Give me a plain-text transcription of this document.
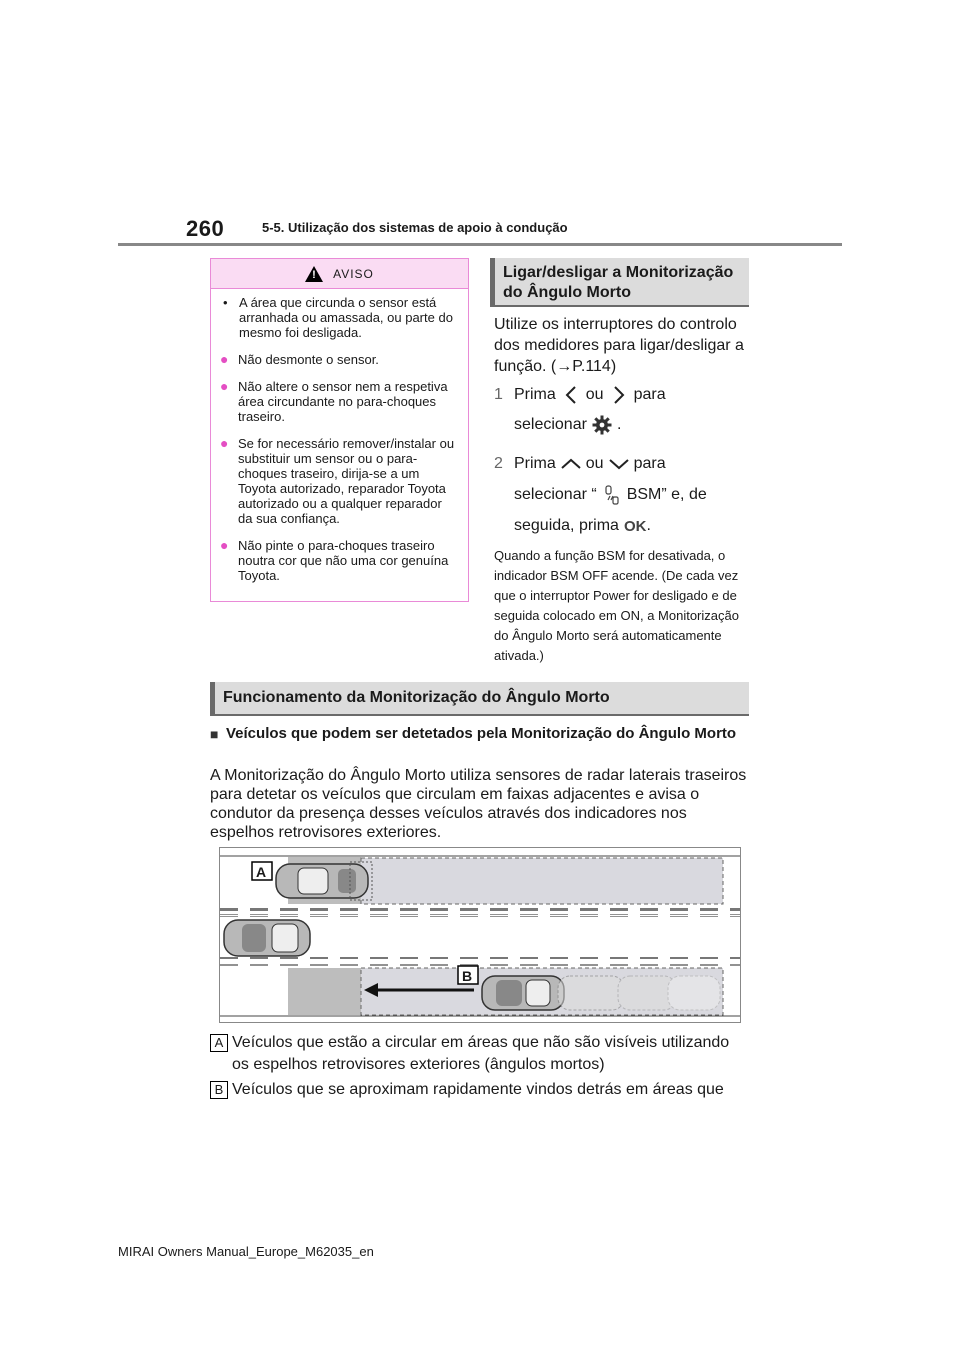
260	5-5. Utilização dos sistemas de apoio à condução
!
AVISO
• A área que circunda o sensor está arranhada ou amassada, ou parte do mesmo foi desligada.
● Não desmonte o sensor.
● Não altere o sensor nem a respetiva área circundante no para-choques traseiro.
● Se for necessário remover/instalar ou substituir um sensor ou o para-choques traseiro, dirija-se a um Toyota autorizado, reparador Toyota autorizado ou a qualquer reparador da sua confiança.
● Não pinte o para-choques traseiro noutra cor que não uma cor genuína Toyota.
Ligar/desligar a Monitorização do Ângulo Morto
Utilize os interruptores do controlo dos medidores para ligar/desligar a função. (→P.114)
1 Prima ou para
selecionar .
2 Prima ou para
selecionar “ BSM” e, de
seguida, prima OK .
Quando a função BSM for desativada, o indicador BSM OFF acende. (De cada vez que o interruptor Power for desligado e de seguida colocado em ON, a Monitorização do Ângulo Morto será automaticamente ativada.)
Funcionamento da Monitorização do Ângulo Morto
■ Veículos que podem ser detetados pela Monitorização do Ângulo Morto
A Monitorização do Ângulo Morto utiliza sensores de radar laterais traseiros para detetar os veículos que circulam em faixas adjacentes e avisa o condutor da presença desses veículos através dos indicadores nos espelhos retrovisores exteriores.
A
B
A Veículos que estão a circular em áreas que não são visíveis utilizando os espelhos retrovisores exteriores (ângulos mortos)
B Veículos que se aproximam rapidamente vindos detrás em áreas que
MIRAI Owners Manual_Europe_M62035_en
